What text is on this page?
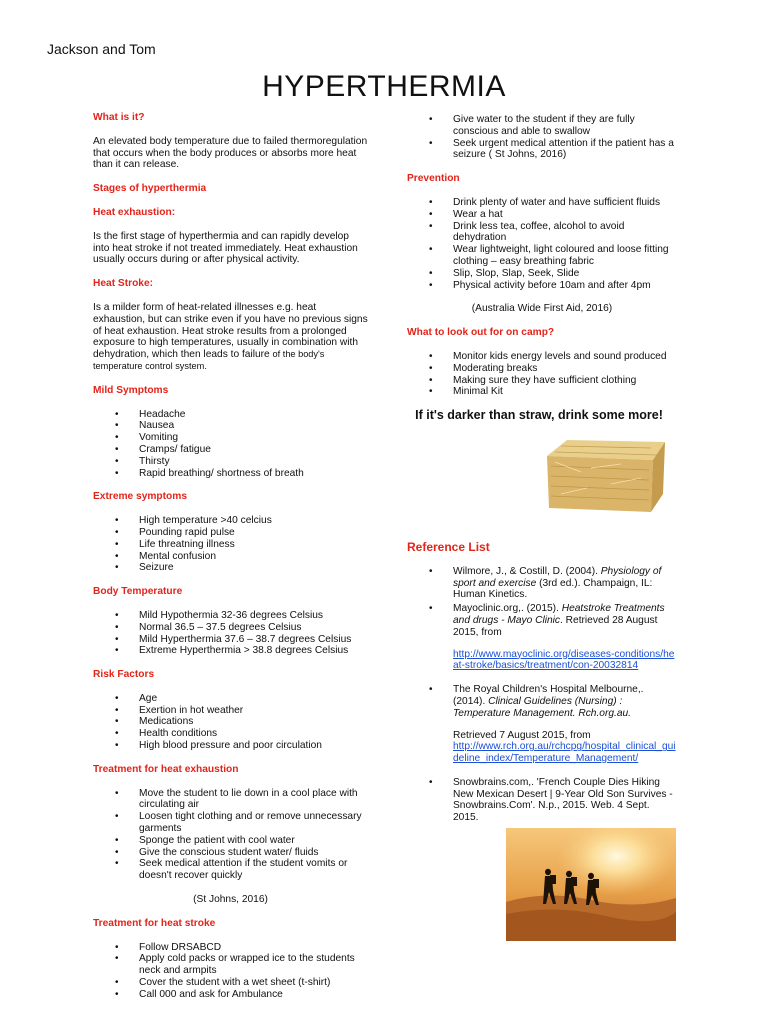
Jackson and Tom
HYPERTHERMIA
What is it?
An elevated body temperature due to failed thermoregulation that occurs when the body produces or absorbs more heat than it can release.
Stages of hyperthermia
Heat exhaustion:
Is the first stage of hyperthermia and can rapidly develop into heat stroke if not treated immediately. Heat exhaustion usually occurs during or after physical activity.
Heat Stroke:
Is a milder form of heat-related illnesses e.g. heat exhaustion, but can strike even if you have no previous signs of heat exhaustion. Heat stroke results from a prolonged exposure to high temperatures, usually in combination with dehydration, which then leads to failure of the body's temperature control system.
Mild Symptoms
• Headache
• Nausea
• Vomiting
• Cramps/ fatigue
• Thirsty
• Rapid breathing/ shortness of breath
Extreme symptoms
• High temperature >40 celcius
• Pounding rapid pulse
• Life threatning illness
• Mental confusion
• Seizure
Body Temperature
• Mild Hypothermia 32-36 degrees Celsius
• Normal 36.5 – 37.5 degrees Celsius
• Mild Hyperthermia 37.6 – 38.7 degrees Celsius
• Extreme Hyperthermia > 38.8 degrees Celsius
Risk Factors
• Age
• Exertion in hot weather
• Medications
• Health conditions
• High blood pressure and poor circulation
Treatment for heat exhaustion
• Move the student to lie down in a cool place with circulating air
• Loosen tight clothing and or remove unnecessary garments
• Sponge the patient with cool water
• Give the conscious student water/ fluids
• Seek medical attention if the student vomits or doesn't recover quickly
(St Johns, 2016)
Treatment for heat stroke
• Follow DRSABCD
• Apply cold packs or wrapped ice to the students neck and armpits
• Cover the student with a wet sheet (t-shirt)
• Call 000 and ask for Ambulance
• Give water to the student if they are fully conscious and able to swallow
• Seek urgent medical attention if the patient has a seizure ( St Johns, 2016)
Prevention
• Drink plenty of water and have sufficient fluids
• Wear a hat
• Drink less tea, coffee, alcohol to avoid dehydration
• Wear lightweight, light coloured and loose fitting clothing – easy breathing fabric
• Slip, Slop, Slap, Seek, Slide
• Physical activity before 10am and after 4pm
(Australia Wide First Aid, 2016)
What to look out for on camp?
• Monitor kids energy levels and sound produced
• Moderating breaks
• Making sure they have sufficient clothing
• Minimal Kit
If it's darker than straw, drink some more!
Reference List
• Wilmore, J., & Costill, D. (2004). Physiology of sport and exercise (3rd ed.). Champaign, IL: Human Kinetics.
• Mayoclinic.org,. (2015). Heatstroke Treatments and drugs - Mayo Clinic. Retrieved 28 August 2015, from
http://www.mayoclinic.org/diseases-conditions/heat-stroke/basics/treatment/con-20032814
• The Royal Children's Hospital Melbourne,. (2014). Clinical Guidelines (Nursing) : Temperature Management. Rch.org.au.
Retrieved 7 August 2015, from
http://www.rch.org.au/rchcpg/hospital_clinical_guideline_index/Temperature_Management/
• Snowbrains.com,. 'French Couple Dies Hiking New Mexican Desert | 9-Year Old Son Survives - Snowbrains.Com'. N.p., 2015. Web. 4 Sept. 2015.
